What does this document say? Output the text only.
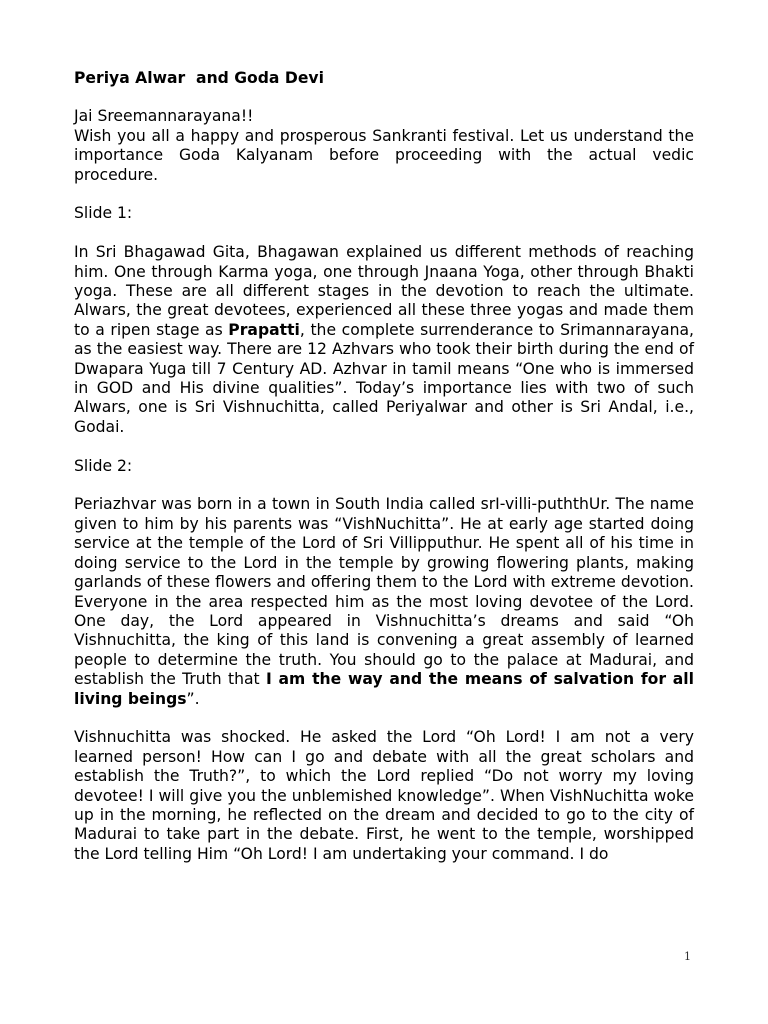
Periya Alwar  and Goda Devi

Jai Sreemannarayana!!

Wish you all a happy and prosperous Sankranti festival. Let us understand the importance Goda Kalyanam before proceeding with the actual vedic procedure.

Slide 1:

In Sri Bhagawad Gita, Bhagawan explained us different methods of reaching him. One through Karma yoga, one through Jnaana Yoga, other through Bhakti yoga. These are all different stages in the devotion to reach the ultimate. Alwars, the great devotees, experienced all these three yogas and made them to a ripen stage as Prapatti, the complete surrenderance to Srimannarayana, as the easiest way. There are 12 Azhvars who took their birth during the end of Dwapara Yuga till 7 Century AD. Azhvar in tamil means “One who is immersed in GOD and His divine qualities”. Today’s importance lies with two of such Alwars, one is Sri Vishnuchitta, called Periyalwar and other is Sri Andal, i.e., Godai.

Slide 2:

Periazhvar was born in a town in South India called srI-villi-puththUr. The name given to him by his parents was “VishNuchitta”. He at early age started doing service at the temple of the Lord of Sri Villipputhur. He spent all of his time in doing service to the Lord in the temple by growing flowering plants, making garlands of these flowers and offering them to the Lord with extreme devotion. Everyone in the area respected him as the most loving devotee of the Lord. One day, the Lord appeared in Vishnuchitta’s dreams and said “Oh Vishnuchitta, the king of this land is convening a great assembly of learned people to determine the truth. You should go to the palace at Madurai, and establish the Truth that I am the way and the means of salvation for all living beings”.

Vishnuchitta was shocked. He asked the Lord “Oh Lord! I am not a very learned person! How can I go and debate with all the great scholars and establish the Truth?”, to which the Lord replied “Do not worry my loving devotee! I will give you the unblemished knowledge”. When VishNuchitta woke up in the morning, he reflected on the dream and decided to go to the city of Madurai to take part in the debate. First, he went to the temple, worshipped the Lord telling Him “Oh Lord! I am undertaking your command. I do

1
